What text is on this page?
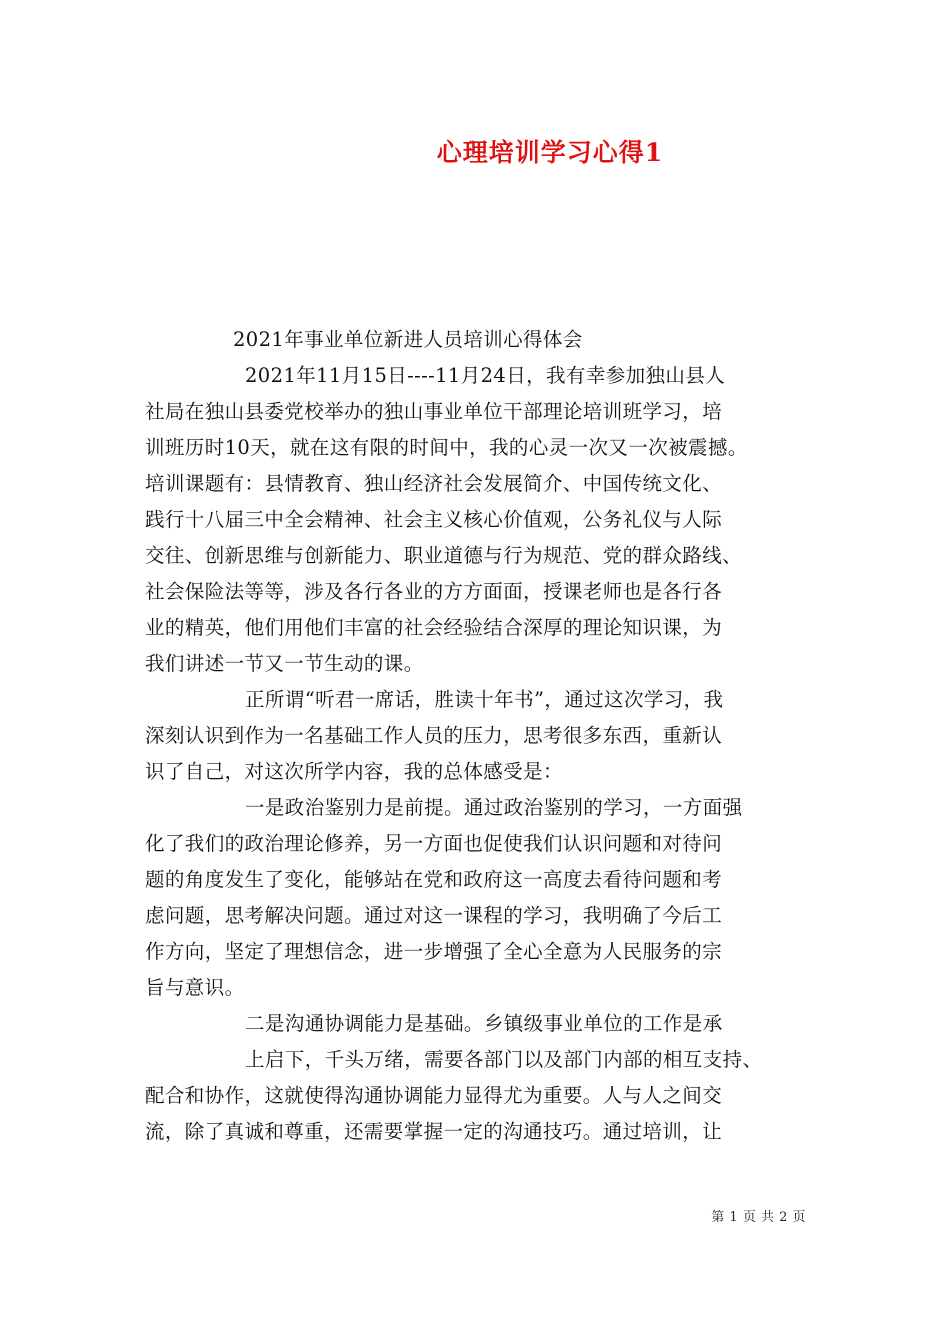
心理培训学习心得1
2021年事业单位新进人员培训心得体会
2021年11月15日----11月24日，我有幸参加独山县人
社局在独山县委党校举办的独山事业单位干部理论培训班学习，培
训班历时10天，就在这有限的时间中，我的心灵一次又一次被震撼。
培训课题有：县情教育、独山经济社会发展简介、中国传统文化、
践行十八届三中全会精神、社会主义核心价值观，公务礼仪与人际
交往、创新思维与创新能力、职业道德与行为规范、党的群众路线、
社会保险法等等，涉及各行各业的方方面面，授课老师也是各行各
业的精英，他们用他们丰富的社会经验结合深厚的理论知识课，为
我们讲述一节又一节生动的课。
正所谓“听君一席话，胜读十年书”，通过这次学习，我
深刻认识到作为一名基础工作人员的压力，思考很多东西，重新认
识了自己，对这次所学内容，我的总体感受是：
一是政治鉴别力是前提。通过政治鉴别的学习，一方面强
化了我们的政治理论修养，另一方面也促使我们认识问题和对待问
题的角度发生了变化，能够站在党和政府这一高度去看待问题和考
虑问题，思考解决问题。通过对这一课程的学习，我明确了今后工
作方向，坚定了理想信念，进一步增强了全心全意为人民服务的宗
旨与意识。
二是沟通协调能力是基础。乡镇级事业单位的工作是承
上启下，千头万绪，需要各部门以及部门内部的相互支持、
配合和协作，这就使得沟通协调能力显得尤为重要。人与人之间交
流，除了真诚和尊重，还需要掌握一定的沟通技巧。通过培训，让
第 1 页 共 2 页
